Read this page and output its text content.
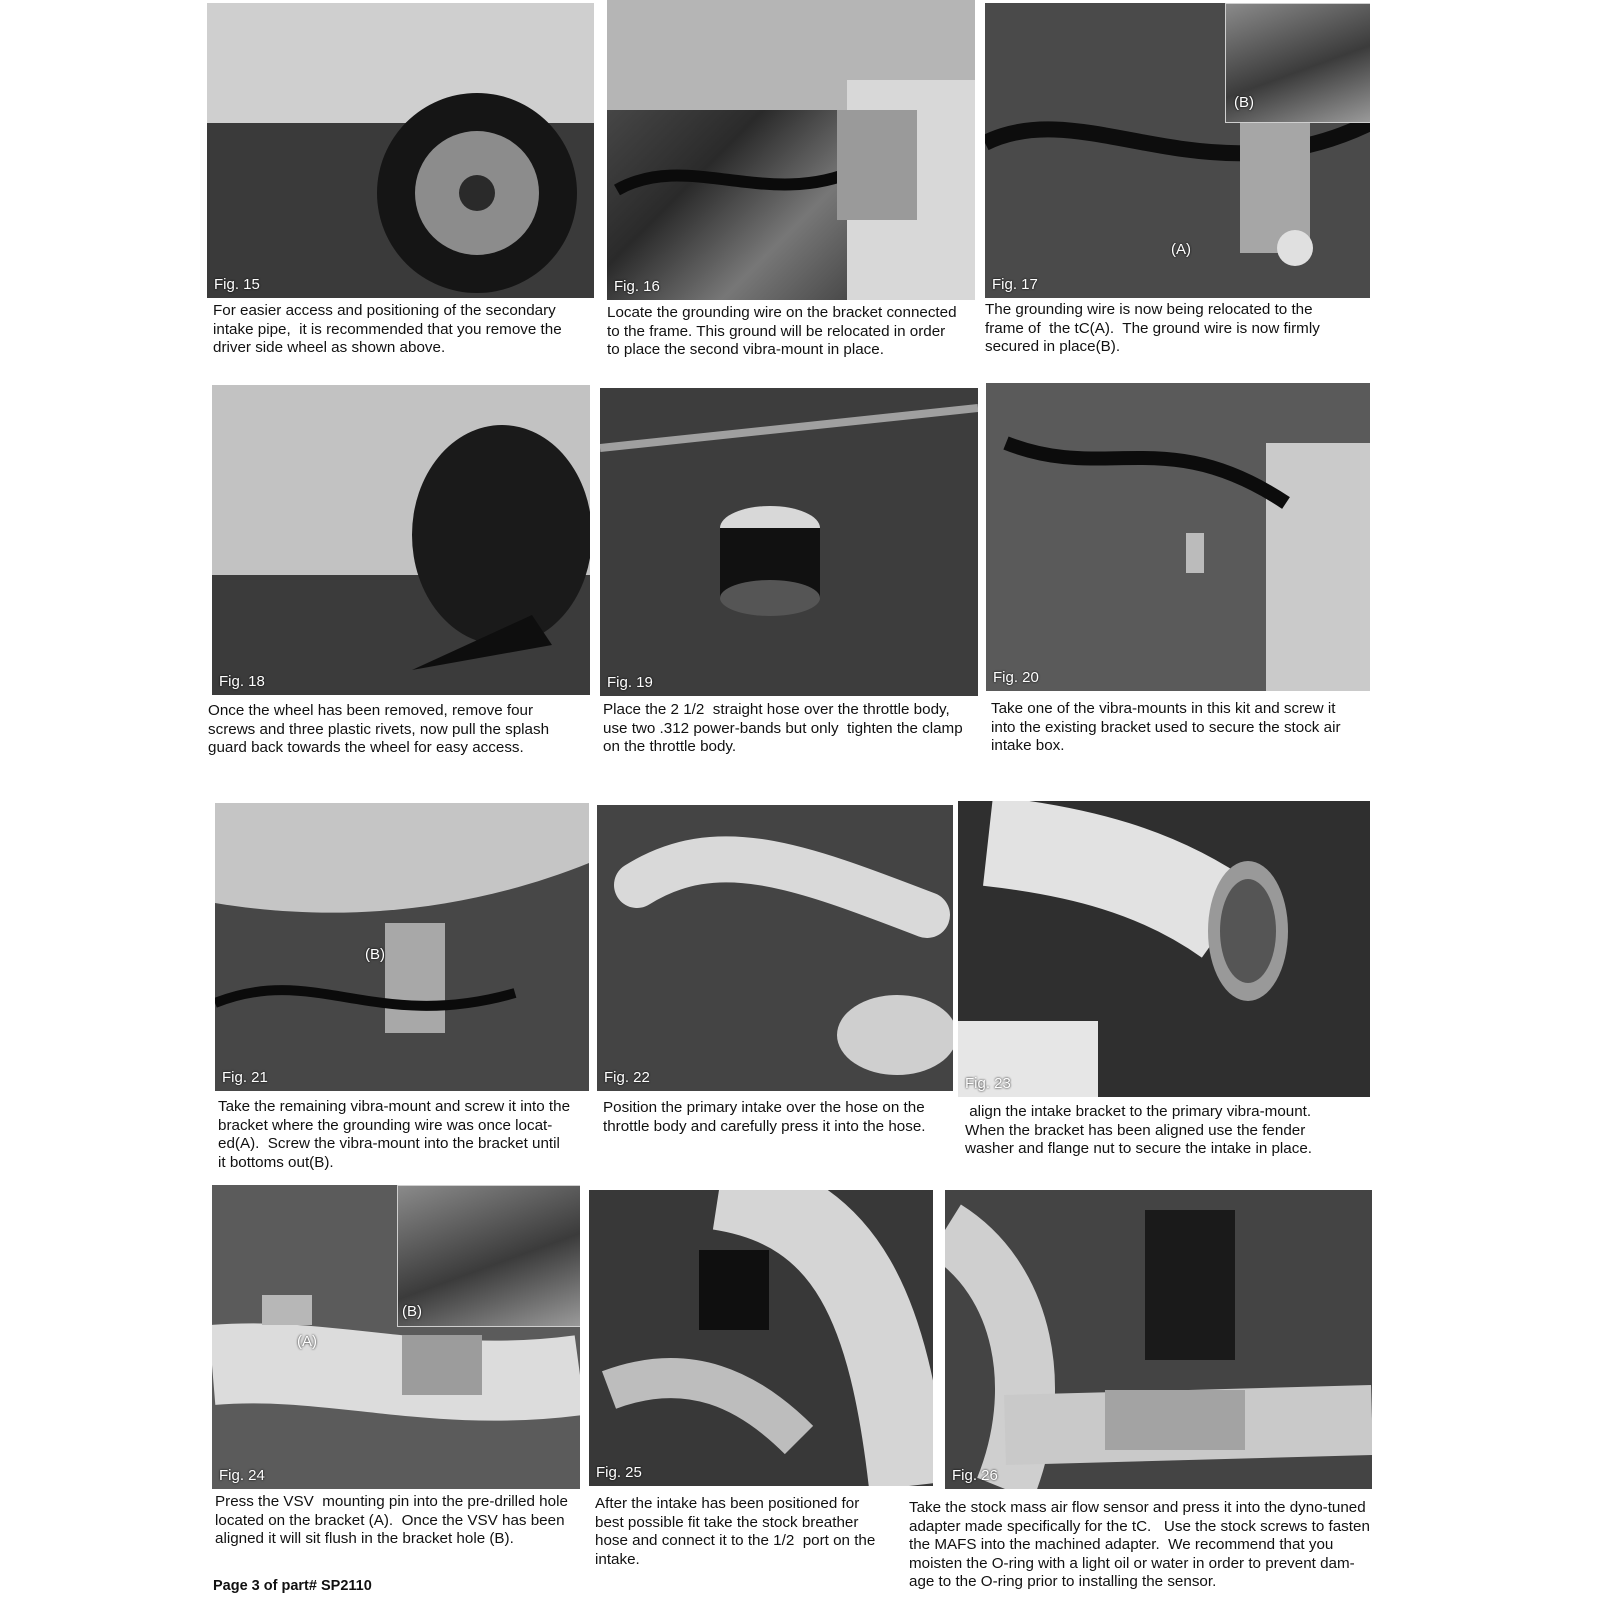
Fig. 15

For easier access and positioning of the secondary

intake pipe,  it is recommended that you remove the

driver side wheel as shown above.

Fig. 16

Locate the grounding wire on the bracket connected

to the frame. This ground will be relocated in order

to place the second vibra-mount in place.

(B)
(A)
Fig. 17

The grounding wire is now being relocated to the

frame of  the tC(A).  The ground wire is now firmly

secured in place(B).

Fig. 18

Once the wheel has been removed, remove four

screws and three plastic rivets, now pull the splash

guard back towards the wheel for easy access.

Fig. 19

Place the 2 1/2  straight hose over the throttle body,

use two .312 power-bands but only  tighten the clamp

on the throttle body.

Fig. 20

Take one of the vibra-mounts in this kit and screw it

into the existing bracket used to secure the stock air

intake box.

(B)
Fig. 21

Take the remaining vibra-mount and screw it into the

bracket where the grounding wire was once locat-

ed(A).  Screw the vibra-mount into the bracket until

it bottoms out(B).

Fig. 22

Position the primary intake over the hose on the

throttle body and carefully press it into the hose.

Fig. 23

align the intake bracket to the primary vibra-mount.

When the bracket has been aligned use the fender

washer and flange nut to secure the intake in place.

(A)
(B)
Fig. 24

Press the VSV  mounting pin into the pre-drilled hole

located on the bracket (A).  Once the VSV has been

aligned it will sit flush in the bracket hole (B).

Fig. 25

After the intake has been positioned for

best possible fit take the stock breather

hose and connect it to the 1/2  port on the

intake.

Fig. 26

Take the stock mass air flow sensor and press it into the dyno-tuned

adapter made specifically for the tC.   Use the stock screws to fasten

the MAFS into the machined adapter.  We recommend that you

moisten the O-ring with a light oil or water in order to prevent dam-

age to the O-ring prior to installing the sensor.

Page 3 of part# SP2110
